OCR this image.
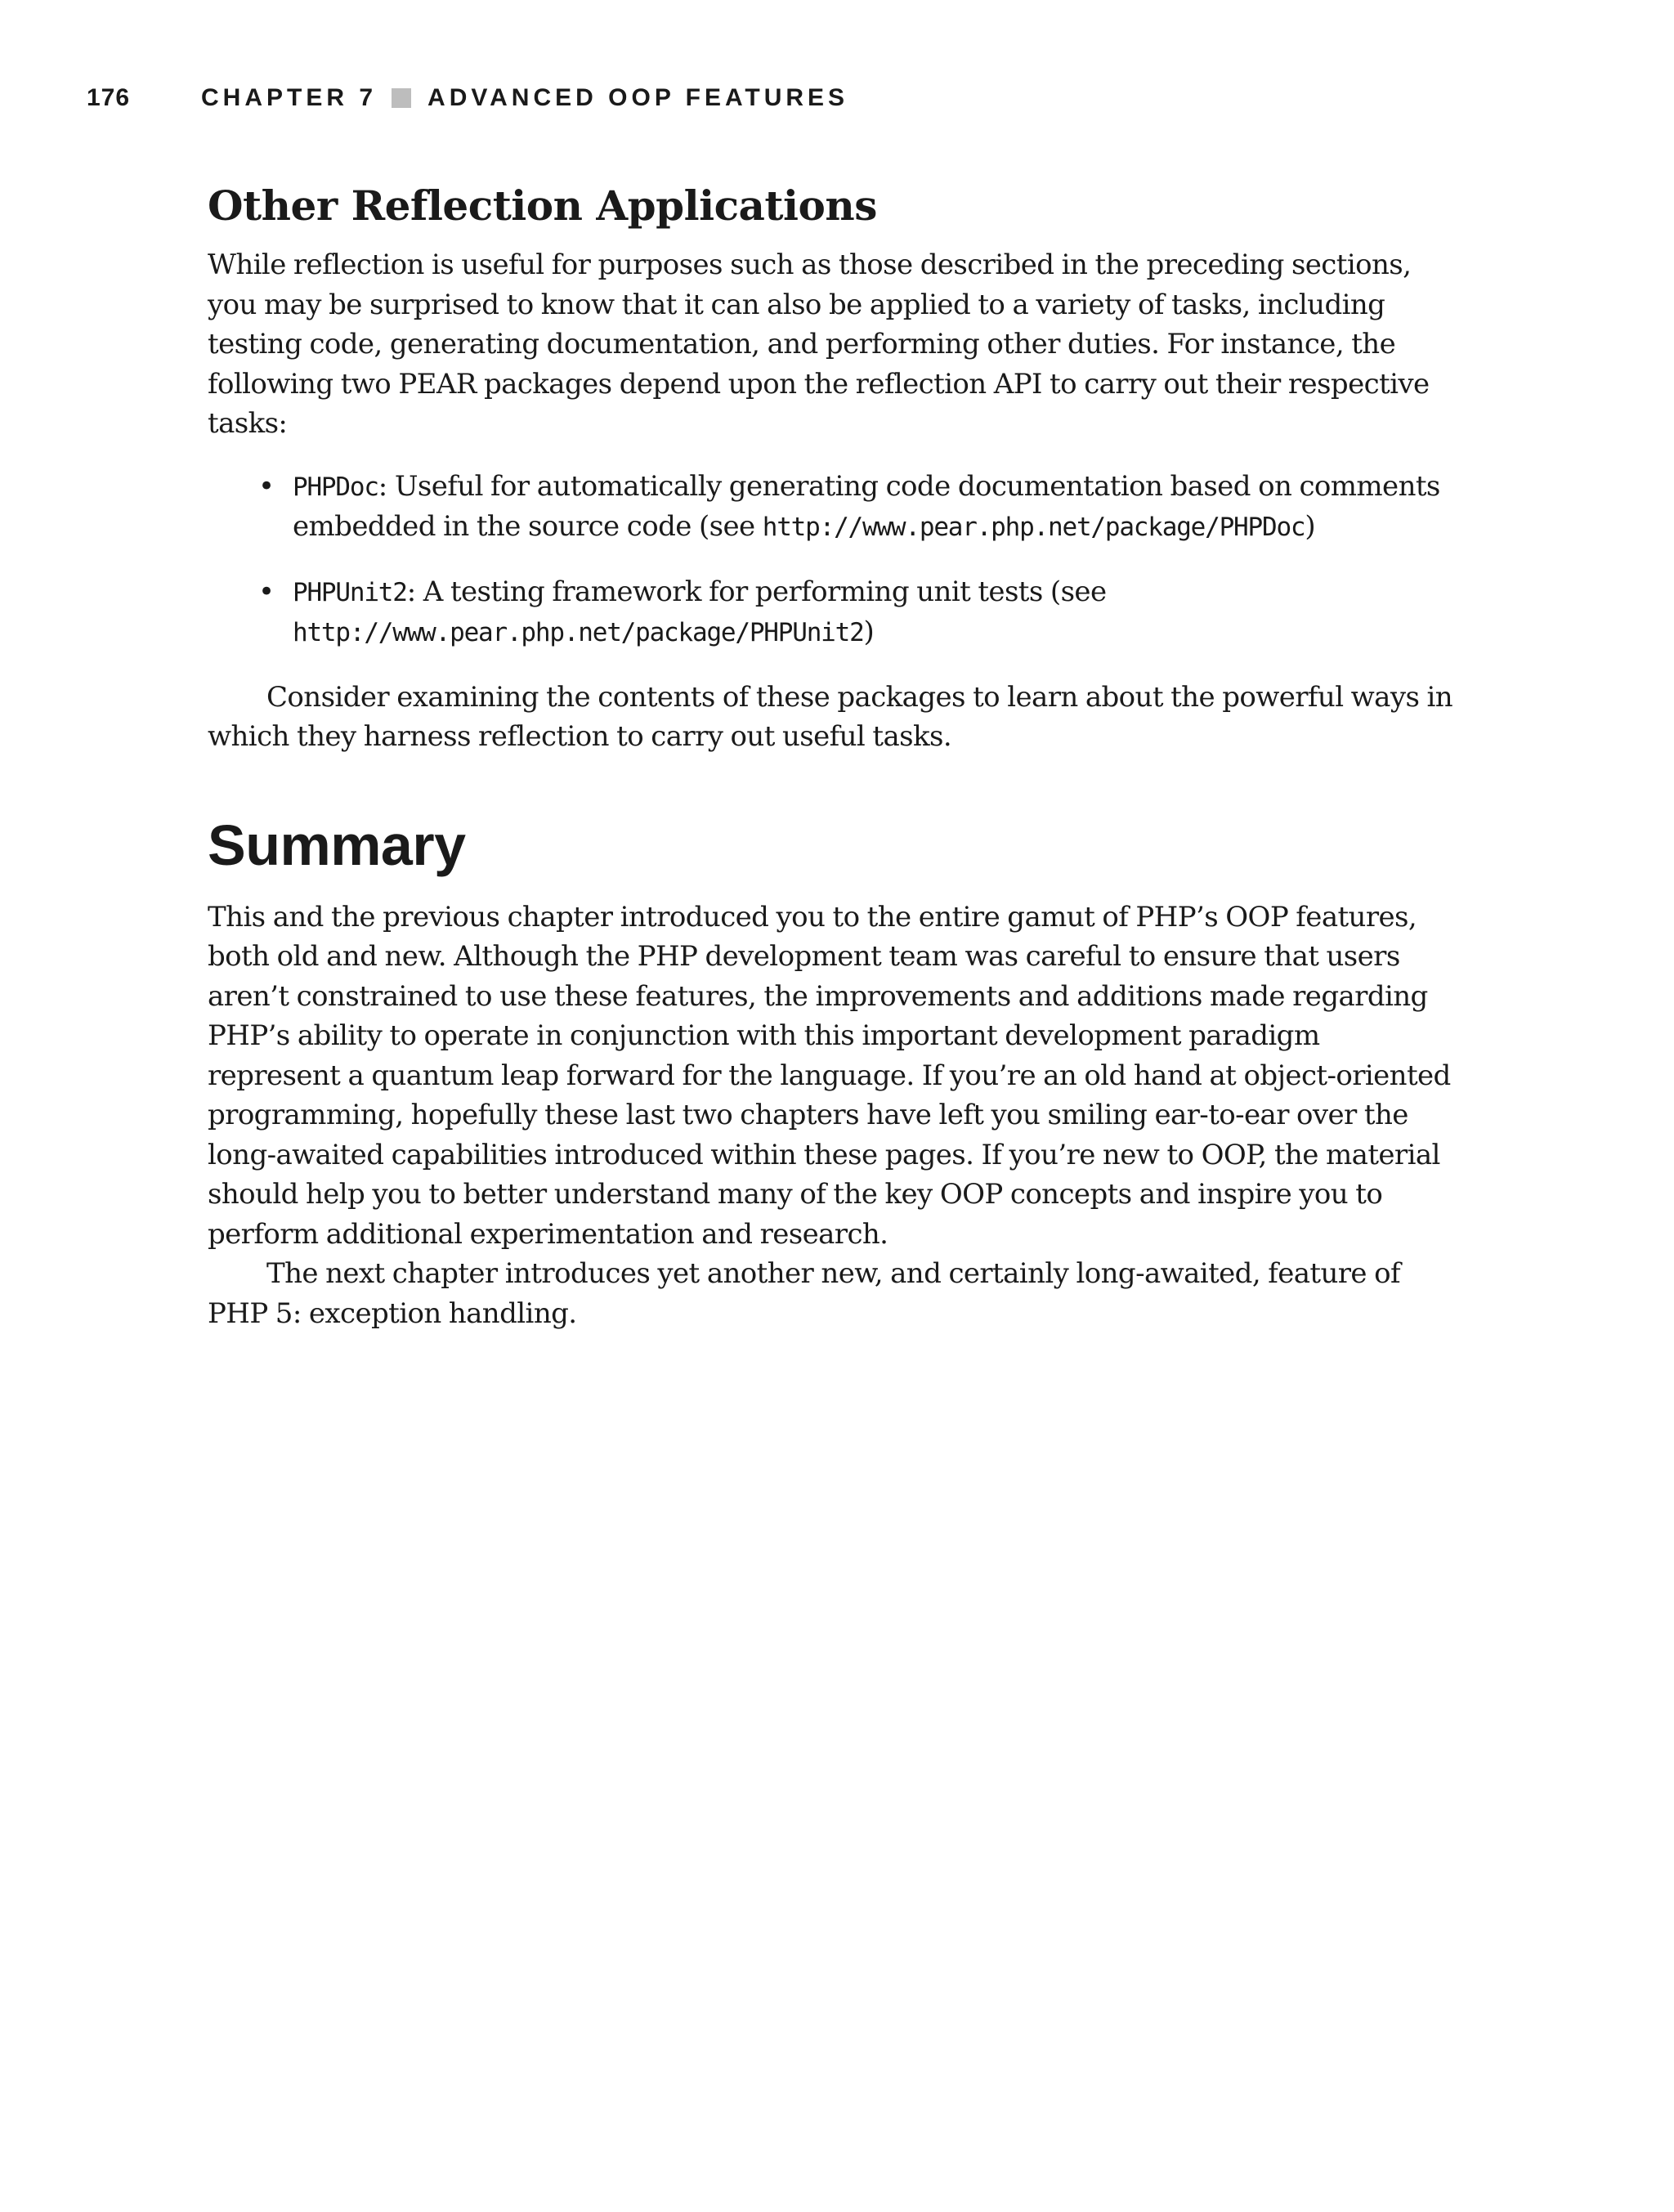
176	CHAPTER 7 ADVANCED OOP FEATURES
Other Reflection Applications

While reflection is useful for purposes such as those described in the preceding sections, you may be surprised to know that it can also be applied to a variety of tasks, including testing code, generating documentation, and performing other duties. For instance, the following two PEAR packages depend upon the reflection API to carry out their respective tasks:

• PHPDoc: Useful for automatically generating code documentation based on comments embedded in the source code (see http://www.pear.php.net/package/PHPDoc)
• PHPUnit2: A testing framework for performing unit tests (see http://www.pear.php.net/package/PHPUnit2)

Consider examining the contents of these packages to learn about the powerful ways in which they harness reflection to carry out useful tasks.

Summary

This and the previous chapter introduced you to the entire gamut of PHP’s OOP features, both old and new. Although the PHP development team was careful to ensure that users aren’t constrained to use these features, the improvements and additions made regarding PHP’s ability to operate in conjunction with this important development paradigm represent a quantum leap forward for the language. If you’re an old hand at object-oriented programming, hopefully these last two chapters have left you smiling ear-to-ear over the long-awaited capabilities introduced within these pages. If you’re new to OOP, the material should help you to better understand many of the key OOP concepts and inspire you to perform additional experimentation and research.

The next chapter introduces yet another new, and certainly long-awaited, feature of PHP 5: exception handling.
